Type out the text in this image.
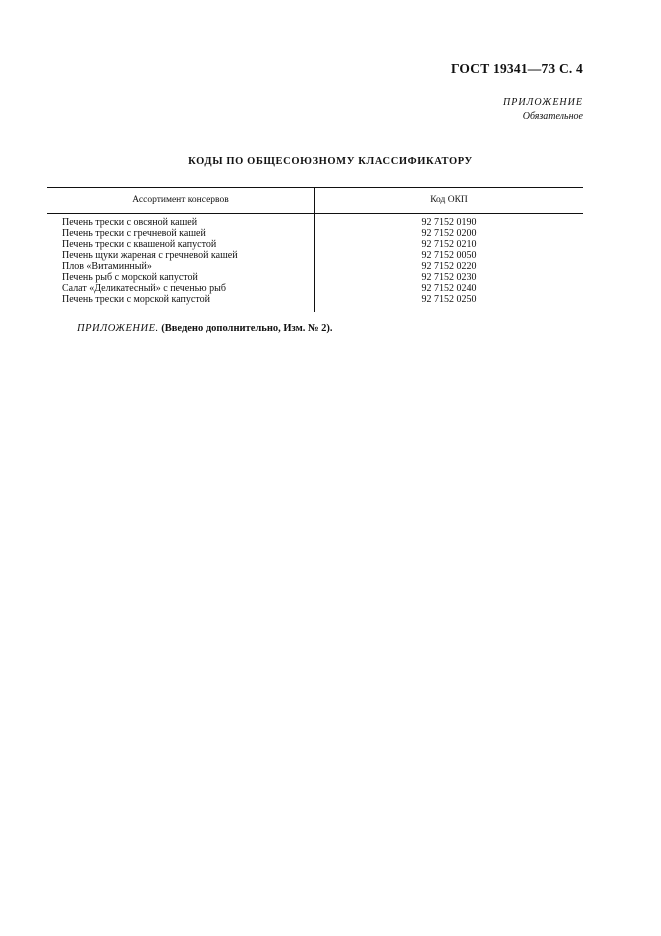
ГОСТ 19341—73 С. 4
ПРИЛОЖЕНИЕ
Обязательное
КОДЫ ПО ОБЩЕСОЮЗНОМУ КЛАССИФИКАТОРУ
Ассортимент консервов	Код ОКП
Печень трески с овсяной кашей	92 7152 0190
Печень трески с гречневой кашей	92 7152 0200
Печень трески с квашеной капустой	92 7152 0210
Печень щуки жареная с гречневой кашей	92 7152 0050
Плов «Витаминный»	92 7152 0220
Печень рыб с морской капустой	92 7152 0230
Салат «Деликатесный» с печенью рыб	92 7152 0240
Печень трески с морской капустой	92 7152 0250
ПРИЛОЖЕНИЕ. (Введено дополнительно, Изм. № 2).
